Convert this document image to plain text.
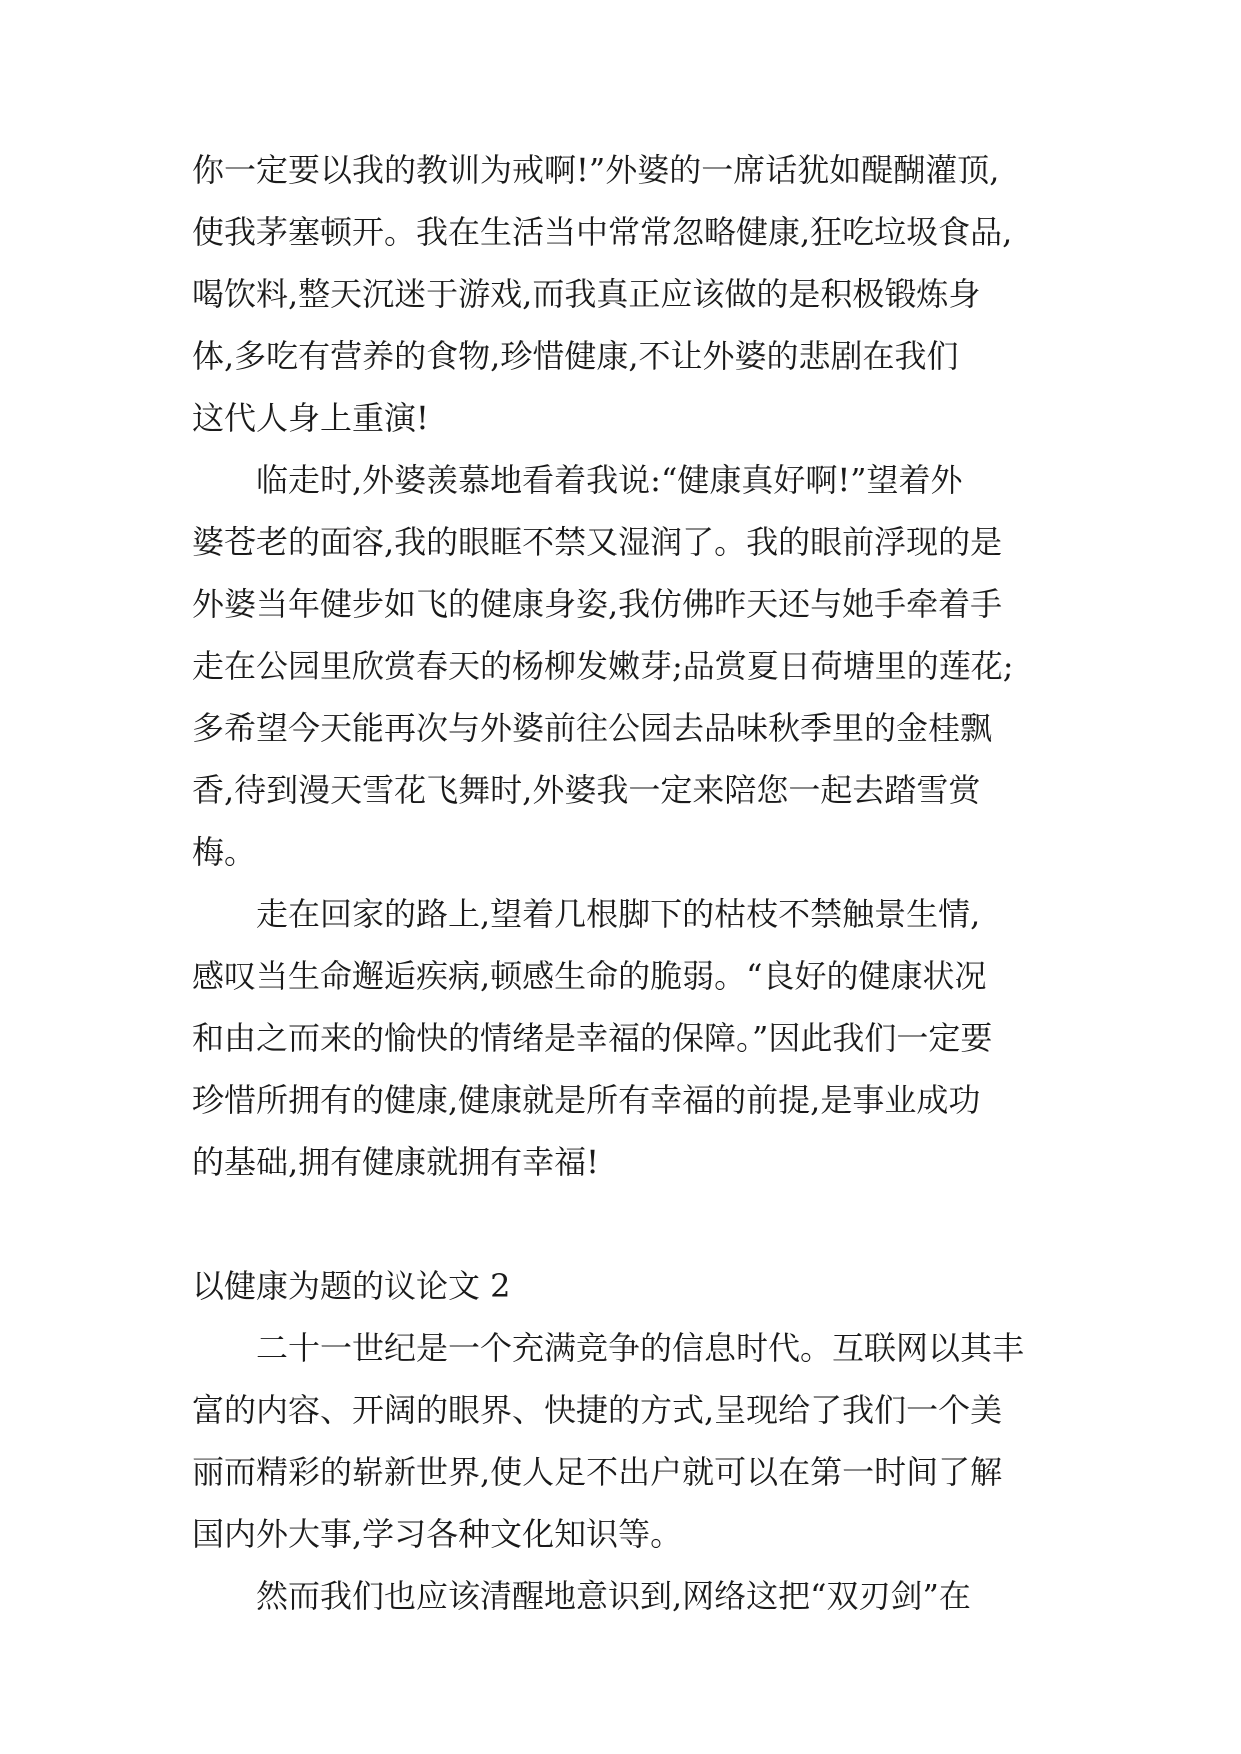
你一定要以我的教训为戒啊!”外婆的一席话犹如醍醐灌顶,
使我茅塞顿开。我在生活当中常常忽略健康,狂吃垃圾食品,
喝饮料,整天沉迷于游戏,而我真正应该做的是积极锻炼身
体,多吃有营养的食物,珍惜健康,不让外婆的悲剧在我们
这代人身上重演!
　　临走时,外婆羡慕地看着我说:“健康真好啊!”望着外
婆苍老的面容,我的眼眶不禁又湿润了。我的眼前浮现的是
外婆当年健步如飞的健康身姿,我仿佛昨天还与她手牵着手
走在公园里欣赏春天的杨柳发嫩芽;品赏夏日荷塘里的莲花;
多希望今天能再次与外婆前往公园去品味秋季里的金桂飘
香,待到漫天雪花飞舞时,外婆我一定来陪您一起去踏雪赏
梅。
　　走在回家的路上,望着几根脚下的枯枝不禁触景生情,
感叹当生命邂逅疾病,顿感生命的脆弱。“良好的健康状况
和由之而来的愉快的情绪是幸福的保障。”因此我们一定要
珍惜所拥有的健康,健康就是所有幸福的前提,是事业成功
的基础,拥有健康就拥有幸福!
以健康为题的议论文 2
　　二十一世纪是一个充满竞争的信息时代。互联网以其丰
富的内容、开阔的眼界、快捷的方式,呈现给了我们一个美
丽而精彩的崭新世界,使人足不出户就可以在第一时间了解
国内外大事,学习各种文化知识等。
　　然而我们也应该清醒地意识到,网络这把“双刃剑”在
